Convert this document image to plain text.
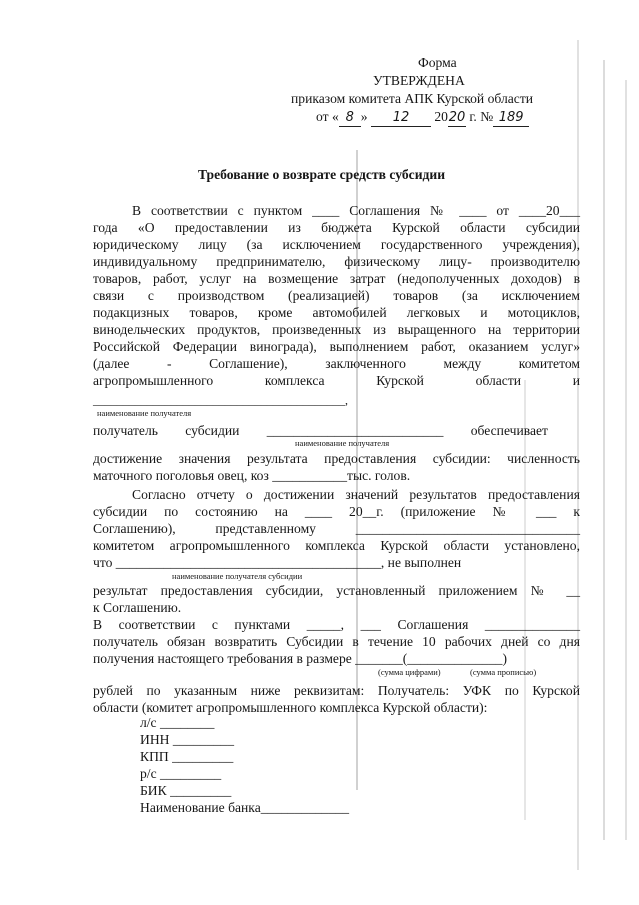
Форма
УТВЕРЖДЕНА
приказом комитета АПК Курской области
от « 8 » 12 2020 г. № 189
Требование о возврате средств субсидии
В соответствии с пунктом ____ Соглашения № ____ от ____20___
года «О предоставлении из бюджета Курской области субсидии
юридическому лицу (за исключением государственного учреждения),
индивидуальному предпринимателю, физическому лицу- производителю
товаров, работ, услуг на возмещение затрат (недополученных доходов) в
связи с производством (реализацией) товаров (за исключением
подакцизных товаров, кроме автомобилей легковых и мотоциклов,
винодельческих продуктов, произведенных из выращенного на территории
Российской Федерации винограда), выполнением работ, оказанием услуг»
(далее - Соглашение), заключенного между комитетом
агропромышленного комплекса Курской области и
__________________________________________,
наименование получателя
получатель субсидии __________________________ обеспечивает
наименование получателя
достижение значения результата предоставления субсидии: численность
маточного поголовья овец, коз ___________тыс. голов.
Согласно отчету о достижении значений результатов предоставления
субсидии по состоянию на ____ 20__г. (приложение № ___ к
Соглашению), представленному _________________________________
комитетом агропромышленного комплекса Курской области установлено,
что _______________________________________, не выполнен
наименование получателя субсидии
результат предоставления субсидии, установленный приложением № __
к Соглашению.
В соответствии с пунктами _____, ___ Соглашения ______________
получатель обязан возвратить Субсидии в течение 10 рабочих дней со дня
получения настоящего требования в размере _______(______________)
(сумма цифрами)	(сумма прописью)
рублей по указанным ниже реквизитам: Получатель: УФК по Курской
области (комитет агропромышленного комплекса Курской области):
л/с ________
ИНН _________
КПП _________
р/с _________
БИК _________
Наименование банка_____________
